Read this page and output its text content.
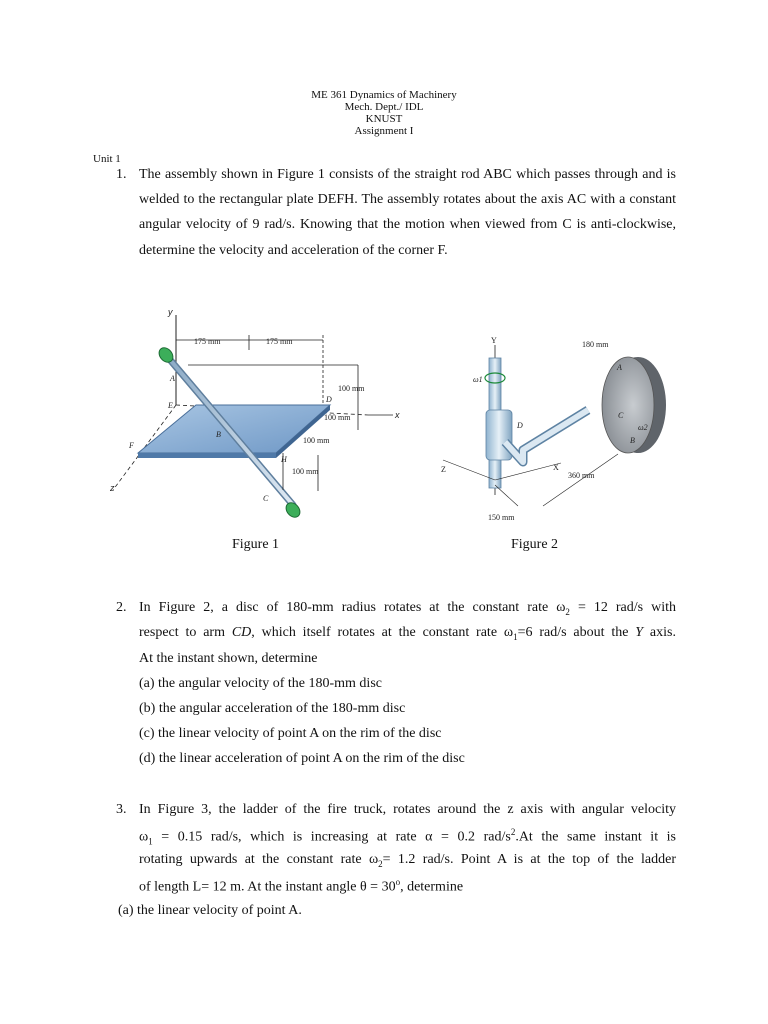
ME 361 Dynamics of Machinery
Mech. Dept./ IDL
KNUST
Assignment I
Unit 1
1. The assembly shown in Figure 1 consists of the straight rod ABC which passes through and is welded to the rectangular plate DEFH. The assembly rotates about the axis AC with a constant angular velocity of 9 rad/s. Knowing that the motion when viewed from C is anti-clockwise, determine the velocity and acceleration of the corner F.
y
175 mm	175 mm
x
z
A
B
C
D
E
F
H
100 mm
100 mm
100 mm
100 mm
Figure 1
Y
ω1
A
B
C
D	ω2
180 mm
Z	X
360 mm
150 mm
Figure 2
2. In Figure 2, a disc of 180-mm radius rotates at the constant rate $\omega_2 = 12$ rad/s with
respect to arm CD, which itself rotates at the constant rate $\omega_1=6$ rad/s about the Y axis.
At the instant shown, determine
(a) the angular velocity of the 180-mm disc
(b) the angular acceleration of the 180-mm disc
(c) the linear velocity of point A on the rim of the disc
(d) the linear acceleration of point A on the rim of the disc
3. In Figure 3, the ladder of the fire truck, rotates around the z axis with angular velocity
$\omega_1 = 0.15$ rad/s, which is increasing at rate α = 0.2 rad/$s^2.At$ the same instant it is
rotating upwards at the constant rate $\omega_2= 1.2$ rad/s. Point A is at the top of the ladder
of length L= 12 m. At the instant angle $\theta = 30^o$, determine
(a) the linear velocity of point A.
